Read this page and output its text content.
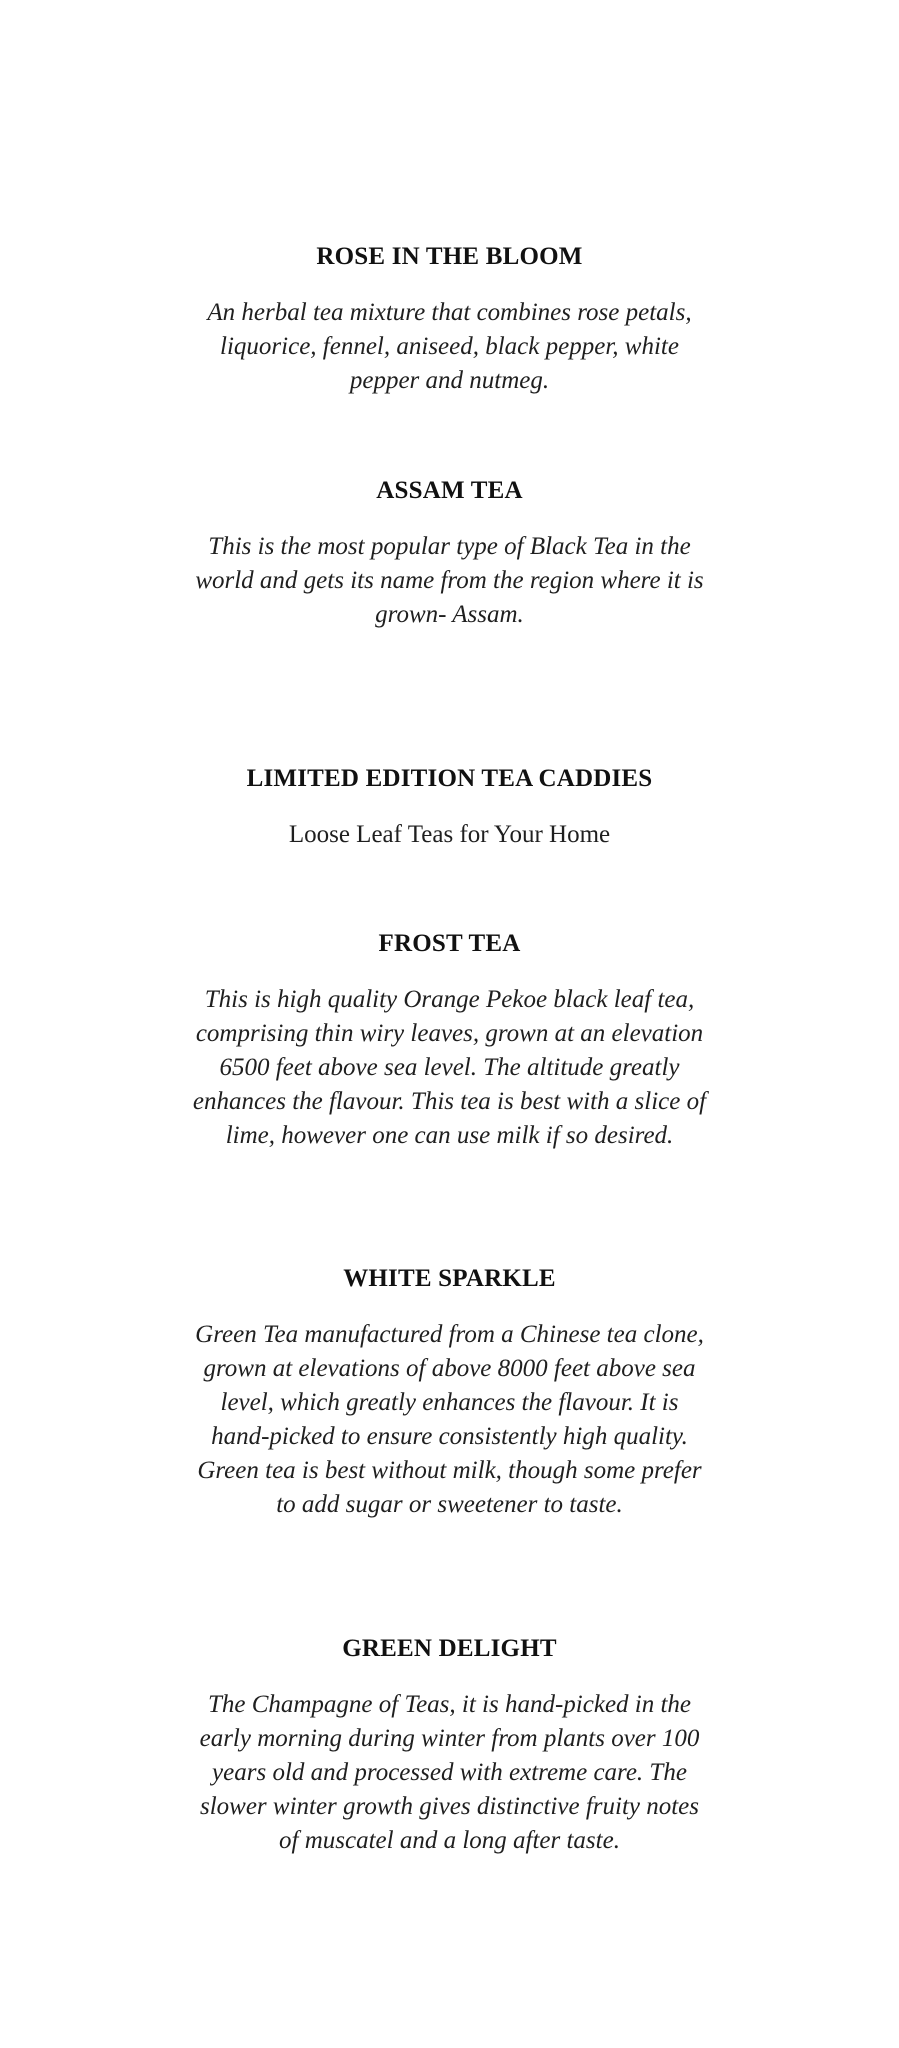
ROSE IN THE BLOOM

An herbal tea mixture that combines rose petals, liquorice, fennel, aniseed, black pepper, white pepper and nutmeg.

ASSAM TEA

This is the most popular type of Black Tea in the world and gets its name from the region where it is grown- Assam.

LIMITED EDITION TEA CADDIES

Loose Leaf Teas for Your Home

FROST TEA

This is high quality Orange Pekoe black leaf tea, comprising thin wiry leaves, grown at an elevation 6500 feet above sea level. The altitude greatly enhances the flavour. This tea is best with a slice of lime, however one can use milk if so desired.

WHITE SPARKLE

Green Tea manufactured from a Chinese tea clone, grown at elevations of above 8000 feet above sea level, which greatly enhances the flavour. It is hand-picked to ensure consistently high quality. Green tea is best without milk, though some prefer to add sugar or sweetener to taste.

GREEN DELIGHT

The Champagne of Teas, it is hand-picked in the early morning during winter from plants over 100 years old and processed with extreme care. The slower winter growth gives distinctive fruity notes of muscatel and a long after taste.
